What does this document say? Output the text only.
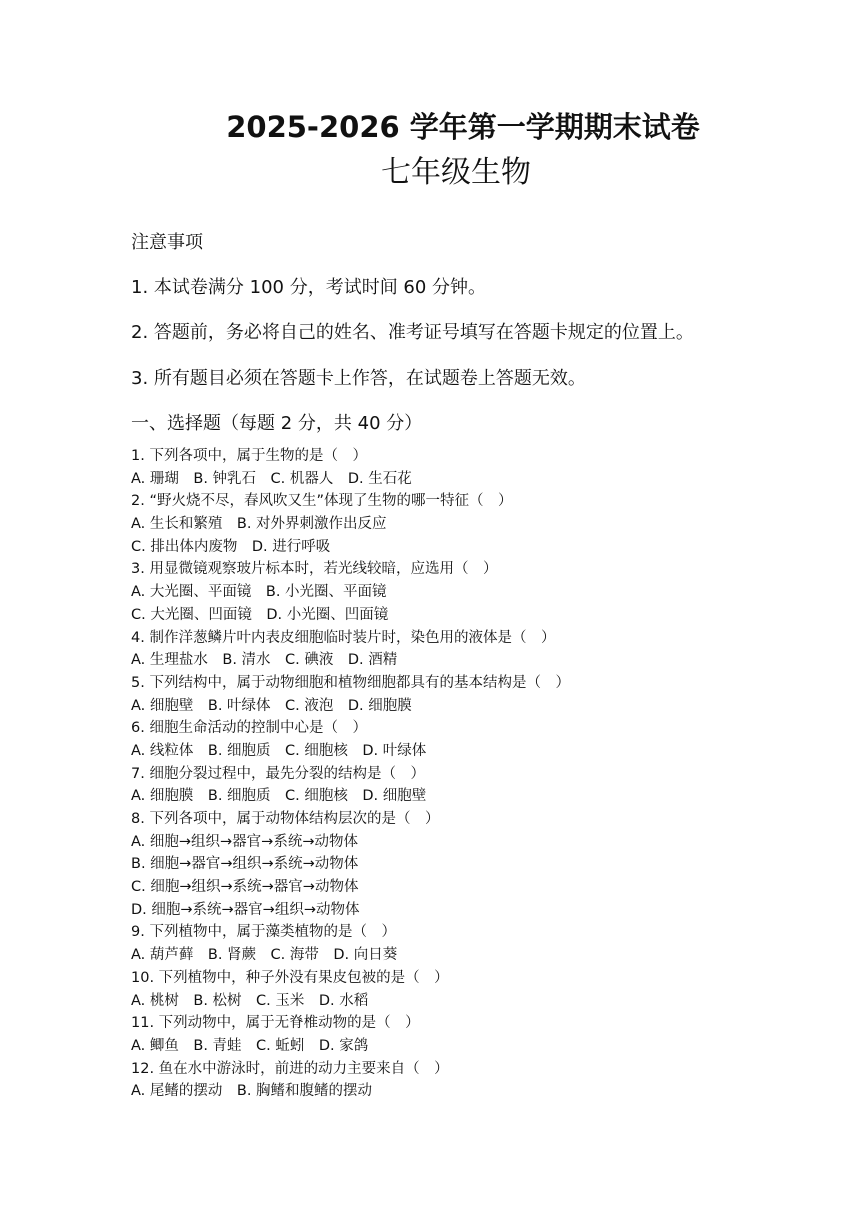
2025-2026 学年第一学期期末试卷
七年级生物
注意事项
1. 本试卷满分 100 分，考试时间 60 分钟。
2. 答题前，务必将自己的姓名、准考证号填写在答题卡规定的位置上。
3. 所有题目必须在答题卡上作答，在试题卷上答题无效。
一、选择题（每题 2 分，共 40 分）
1. 下列各项中，属于生物的是（　）
A. 珊瑚　B. 钟乳石　C. 机器人　D. 生石花
2. “野火烧不尽，春风吹又生”体现了生物的哪一特征（　）
A. 生长和繁殖　B. 对外界刺激作出反应
C. 排出体内废物　D. 进行呼吸
3. 用显微镜观察玻片标本时，若光线较暗，应选用（　）
A. 大光圈、平面镜　B. 小光圈、平面镜
C. 大光圈、凹面镜　D. 小光圈、凹面镜
4. 制作洋葱鳞片叶内表皮细胞临时装片时，染色用的液体是（　）
A. 生理盐水　B. 清水　C. 碘液　D. 酒精
5. 下列结构中，属于动物细胞和植物细胞都具有的基本结构是（　）
A. 细胞壁　B. 叶绿体　C. 液泡　D. 细胞膜
6. 细胞生命活动的控制中心是（　）
A. 线粒体　B. 细胞质　C. 细胞核　D. 叶绿体
7. 细胞分裂过程中，最先分裂的结构是（　）
A. 细胞膜　B. 细胞质　C. 细胞核　D. 细胞壁
8. 下列各项中，属于动物体结构层次的是（　）
A. 细胞→组织→器官→系统→动物体
B. 细胞→器官→组织→系统→动物体
C. 细胞→组织→系统→器官→动物体
D. 细胞→系统→器官→组织→动物体
9. 下列植物中，属于藻类植物的是（　）
A. 葫芦藓　B. 肾蕨　C. 海带　D. 向日葵
10. 下列植物中，种子外没有果皮包被的是（　）
A. 桃树　B. 松树　C. 玉米　D. 水稻
11. 下列动物中，属于无脊椎动物的是（　）
A. 鲫鱼　B. 青蛙　C. 蚯蚓　D. 家鸽
12. 鱼在水中游泳时，前进的动力主要来自（　）
A. 尾鳍的摆动　B. 胸鳍和腹鳍的摆动
